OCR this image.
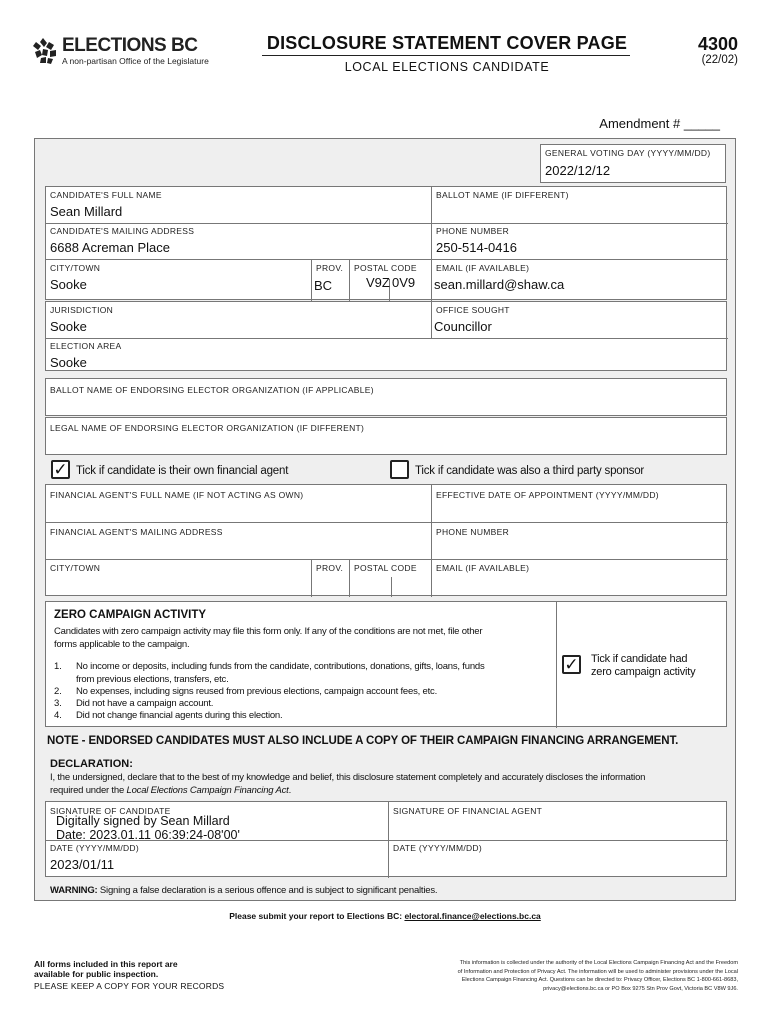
ELECTIONS BC
A non-partisan Office of the Legislature
DISCLOSURE STATEMENT COVER PAGE
LOCAL ELECTIONS CANDIDATE
4300
(22/02)
Amendment # _____
GENERAL VOTING DAY (YYYY/MM/DD)
2022/12/12
CANDIDATE'S FULL NAME
Sean Millard
BALLOT NAME (IF DIFFERENT)
CANDIDATE'S MAILING ADDRESS
6688 Acreman Place
PHONE NUMBER
250-514-0416
CITY/TOWN
Sooke
PROV.
BC
POSTAL CODE
V9Z 0V9
EMAIL (IF AVAILABLE)
sean.millard@shaw.ca
JURISDICTION
Sooke
OFFICE SOUGHT
Councillor
ELECTION AREA
Sooke
BALLOT NAME OF ENDORSING ELECTOR ORGANIZATION (IF APPLICABLE)
LEGAL NAME OF ENDORSING ELECTOR ORGANIZATION (IF DIFFERENT)
✓ Tick if candidate is their own financial agent	Tick if candidate was also a third party sponsor
FINANCIAL AGENT'S FULL NAME (IF NOT ACTING AS OWN)	EFFECTIVE DATE OF APPOINTMENT (YYYY/MM/DD)
FINANCIAL AGENT'S MAILING ADDRESS	PHONE NUMBER
CITY/TOWN	PROV. POSTAL CODE EMAIL (IF AVAILABLE)
ZERO CAMPAIGN ACTIVITY
Candidates with zero campaign activity may file this form only. If any of the conditions are not met, file other
forms applicable to the campaign.
1. No income or deposits, including funds from the candidate, contributions, donations, gifts, loans, funds
from previous elections, transfers, etc.
2. No expenses, including signs reused from previous elections, campaign account fees, etc.
3. Did not have a campaign account.
4. Did not change financial agents during this election.
✓ Tick if candidate had
zero campaign activity
NOTE - ENDORSED CANDIDATES MUST ALSO INCLUDE A COPY OF THEIR CAMPAIGN FINANCING ARRANGEMENT.
DECLARATION:
I, the undersigned, declare that to the best of my knowledge and belief, this disclosure statement completely and accurately discloses the information
required under the Local Elections Campaign Financing Act.
SIGNATURE OF CANDIDATE
Digitally signed by Sean Millard
Date: 2023.01.11 06:39:24-08'00'
SIGNATURE OF FINANCIAL AGENT
DATE (YYYY/MM/DD)
2023/01/11
DATE (YYYY/MM/DD)
WARNING: Signing a false declaration is a serious offence and is subject to significant penalties.
Please submit your report to Elections BC: electoral.finance@elections.bc.ca
All forms included in this report are
available for public inspection.
PLEASE KEEP A COPY FOR YOUR RECORDS
This information is collected under the authority of the Local Elections Campaign Financing Act and the Freedom
of Information and Protection of Privacy Act. The information will be used to administer provisions under the Local
Elections Campaign Financing Act. Questions can be directed to: Privacy Officer, Elections BC 1-800-661-8683,
privacy@elections.bc.ca or PO Box 9275 Stn Prov Govt, Victoria BC V8W 9J6.
